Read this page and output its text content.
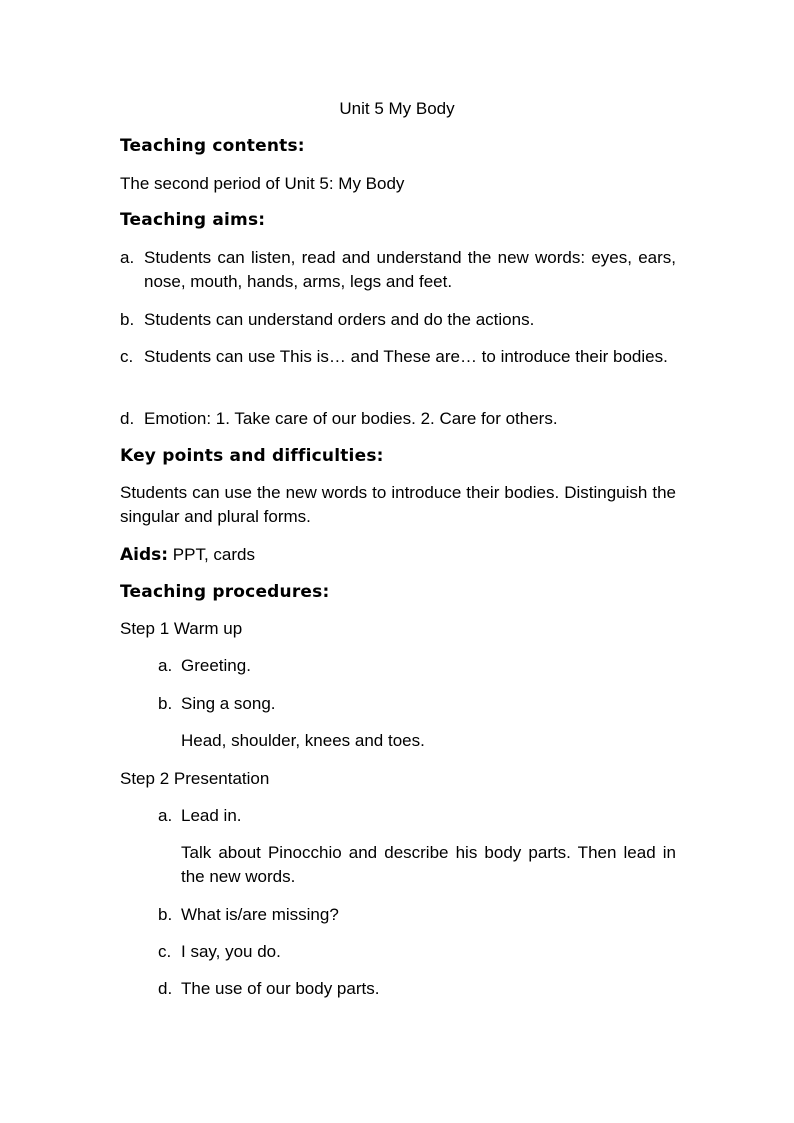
Unit 5 My Body
Teaching contents:
The second period of Unit 5: My Body
Teaching aims:
a. Students can listen, read and understand the new words: eyes, ears, nose, mouth, hands, arms, legs and feet.
b. Students can understand orders and do the actions.
c. Students can use This is… and These are… to introduce their bodies.
d. Emotion: 1. Take care of our bodies. 2. Care for others.
Key points and difficulties:
Students can use the new words to introduce their bodies. Distinguish the singular and plural forms.
Aids: PPT, cards
Teaching procedures:
Step 1 Warm up
a. Greeting.
b. Sing a song.
Head, shoulder, knees and toes.
Step 2 Presentation
a. Lead in.
Talk about Pinocchio and describe his body parts. Then lead in the new words.
b. What is/are missing?
c. I say, you do.
d. The use of our body parts.
